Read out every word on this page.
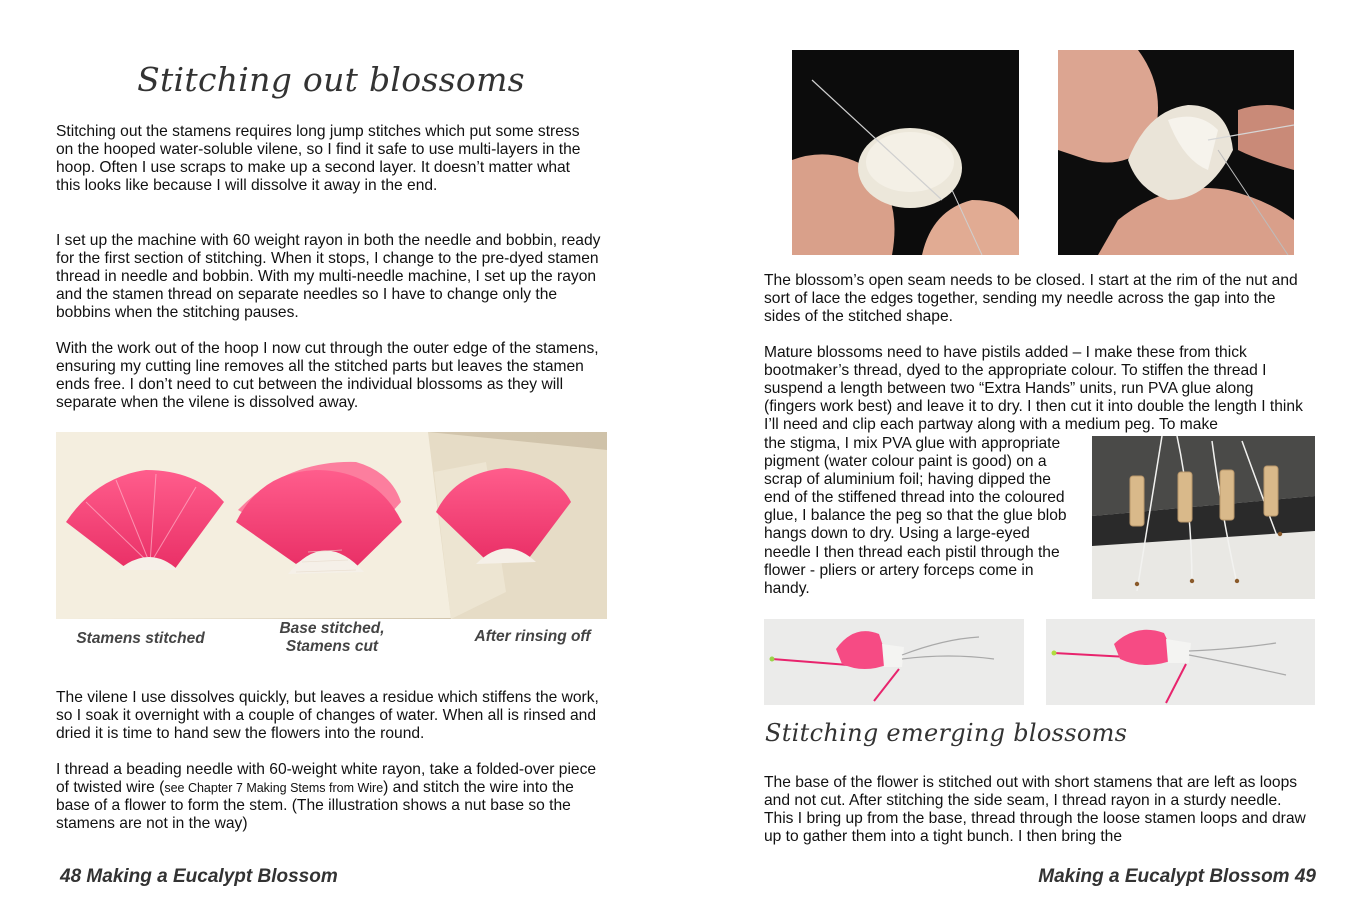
Stitching out blossoms

Stitching out the stamens requires long jump stitches which put some stress on the hooped water-soluble vilene, so I find it safe to use multi-layers in the hoop. Often I use scraps to make up a second layer. It doesn’t matter what this looks like because I will dissolve it away in the end.

I set up the machine with 60 weight rayon in both the needle and bobbin, ready for the first section of stitching. When it stops, I change to the pre-dyed stamen thread in needle and bobbin. With my multi-needle machine, I set up the rayon and the stamen thread on separate needles so I have to change only the bobbins when the stitching pauses.

With the work out of the hoop I now cut through the outer edge of the stamens, ensuring my cutting line removes all the stitched parts but leaves the stamen ends free. I don’t need to cut between the individual blossoms as they will separate when the vilene is dissolved away.

Stamens stitched

Base stitched,

Stamens cut

After rinsing off

The vilene I use dissolves quickly, but leaves a residue which stiffens the work, so I soak it overnight with a couple of changes of water. When all is rinsed and dried it is time to hand sew the flowers into the round.

I thread a beading needle with 60-weight white rayon, take a folded-over piece of twisted wire (see Chapter 7 Making Stems from Wire) and stitch the wire into the base of a flower to form the stem. (The illustration shows a nut base so the stamens are not in the way)

48 Making a Eucalypt Blossom

The blossom’s open seam needs to be closed. I start at the rim of the nut and sort of lace the edges together, sending my needle across the gap into the sides of the stitched shape.

Mature blossoms need to have pistils added – I make these from thick bootmaker’s thread, dyed to the appropriate colour. To stiffen the thread I suspend a length between two “Extra Hands” units, run PVA glue along (fingers work best) and leave it to dry. I then cut it into double the length I think I’ll need and clip each partway along with a medium peg. To make

the stigma, I mix PVA glue with appropriate pigment (water colour paint is good) on a scrap of aluminium foil; having dipped the end of the stiffened thread into the coloured glue, I balance the peg so that the glue blob hangs down to dry. Using a large-eyed needle I then thread each pistil through the flower - pliers or artery forceps come in handy.

Stitching emerging blossoms

The base of the flower is stitched out with short stamens that are left as loops and not cut. After stitching the side seam, I thread rayon in a sturdy needle. This I bring up from the base, thread through the loose stamen loops and draw up to gather them into a tight bunch. I then bring the

Making a Eucalypt Blossom 49
